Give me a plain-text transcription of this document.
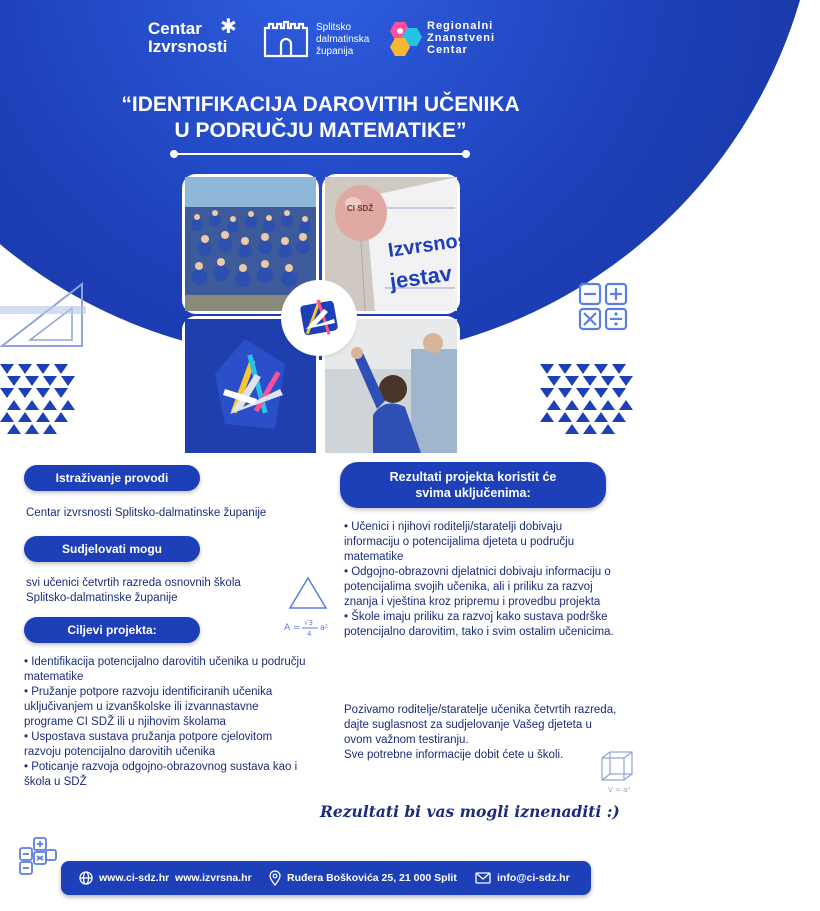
Centar
Izvrsnosti
✱	Splitsko
dalmatinska
županija
Regionalni
Znanstveni
Centar
“IDENTIFIKACIJA DAROVITIH UČENIKA
U PODRUČJU MATEMATIKE”
Izvrsnos
jestav
CI SDŽ
A = √3
4
a²
V = a³
Istraživanje provodi
Centar izvrsnosti Splitsko-dalmatinske županije
Sudjelovati mogu
svi učenici četvrtih razreda osnovnih škola Splitsko-dalmatinske županije
Ciljevi projekta:
• Identifikacija potencijalno darovitih učenika u području matematike
• Pružanje potpore razvoju identificiranih učenika uključivanjem u izvanškolske ili izvannastavne programe CI SDŽ ili u njihovim školama
• Uspostava sustava pružanja potpore cjelovitom razvoju potencijalno darovitih učenika
• Poticanje razvoja odgojno-obrazovnog sustava kao i škola u SDŽ
Rezultati projekta koristit će
svima uključenima:
• Učenici i njihovi roditelji/staratelji dobivaju informaciju o potencijalima djeteta u području matematike
• Odgojno-obrazovni djelatnici dobivaju informaciju o potencijalima svojih učenika, ali i priliku za razvoj znanja i vještina kroz pripremu i provedbu projekta
• Škole imaju priliku za razvoj kako sustava podrške potencijalno darovitim, tako i svim ostalim učenicima.
Pozivamo roditelje/staratelje učenika četvrtih razreda, dajte suglasnost za sudjelovanje Vašeg djeteta u ovom važnom testiranju.
Sve potrebne informacije dobit ćete u školi.
Rezultati bi vas mogli iznenaditi :)
www.ci-sdz.hr  www.izvrsna.hr	Ruđera Boškovića 25, 21 000 Split	info@ci-sdz.hr
